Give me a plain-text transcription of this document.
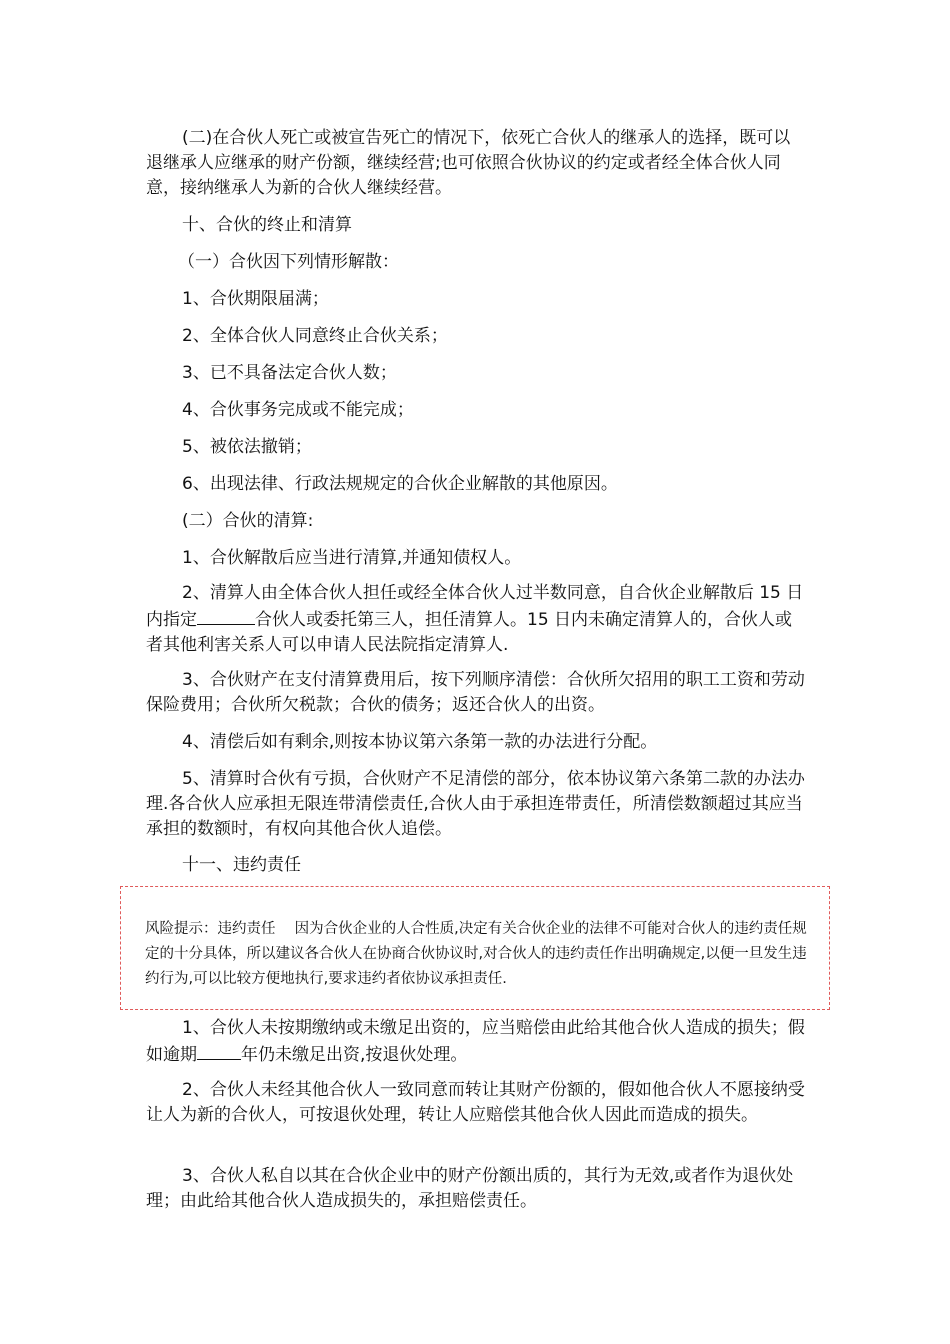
(二)在合伙人死亡或被宣告死亡的情况下，依死亡合伙人的继承人的选择，既可以退继承人应继承的财产份额，继续经营;也可依照合伙协议的约定或者经全体合伙人同意，接纳继承人为新的合伙人继续经营。

十、合伙的终止和清算

（一）合伙因下列情形解散：

1、合伙期限届满；

2、全体合伙人同意终止合伙关系；

3、已不具备法定合伙人数；

4、合伙事务完成或不能完成；

5、被依法撤销；

6、出现法律、行政法规规定的合伙企业解散的其他原因。

(二）合伙的清算:

1、合伙解散后应当进行清算,并通知债权人。

2、清算人由全体合伙人担任或经全体合伙人过半数同意，自合伙企业解散后 15 日内指定	合伙人或委托第三人，担任清算人。15 日内未确定清算人的，合伙人或者其他利害关系人可以申请人民法院指定清算人.

3、合伙财产在支付清算费用后，按下列顺序清偿：合伙所欠招用的职工工资和劳动保险费用；合伙所欠税款；合伙的债务；返还合伙人的出资。

4、清偿后如有剩余,则按本协议第六条第一款的办法进行分配。

5、清算时合伙有亏损，合伙财产不足清偿的部分，依本协议第六条第二款的办法办理.各合伙人应承担无限连带清偿责任,合伙人由于承担连带责任，所清偿数额超过其应当承担的数额时，有权向其他合伙人追偿。

十一、违约责任

风险提示：违约责任　 因为合伙企业的人合性质,决定有关合伙企业的法律不可能对合伙人的违约责任规定的十分具体，所以建议各合伙人在协商合伙协议时,对合伙人的违约责任作出明确规定,以便一旦发生违约行为,可以比较方便地执行,要求违约者依协议承担责任.

1、合伙人未按期缴纳或未缴足出资的，应当赔偿由此给其他合伙人造成的损失；假如逾期	年仍未缴足出资,按退伙处理。

2、合伙人未经其他合伙人一致同意而转让其财产份额的，假如他合伙人不愿接纳受让人为新的合伙人，可按退伙处理，转让人应赔偿其他合伙人因此而造成的损失。

3、合伙人私自以其在合伙企业中的财产份额出质的，其行为无效,或者作为退伙处理；由此给其他合伙人造成损失的，承担赔偿责任。
